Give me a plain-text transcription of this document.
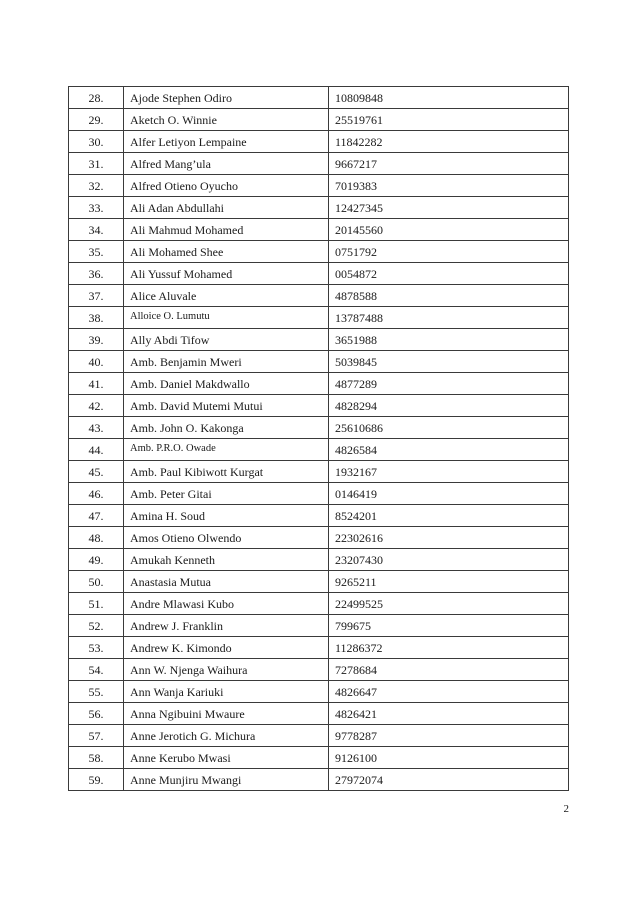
28.	Ajode Stephen Odiro	10809848
29.	Aketch O. Winnie	25519761
30.	Alfer Letiyon Lempaine	11842282
31.	Alfred Mang’ula	9667217
32.	Alfred Otieno Oyucho	7019383
33.	Ali Adan Abdullahi	12427345
34.	Ali Mahmud Mohamed	20145560
35.	Ali Mohamed Shee	0751792
36.	Ali Yussuf Mohamed	0054872
37.	Alice Aluvale	4878588
38.	Alloice O. Lumutu	13787488
39.	Ally Abdi Tifow	3651988
40.	Amb. Benjamin Mweri	5039845
41.	Amb. Daniel Makdwallo	4877289
42.	Amb. David Mutemi Mutui	4828294
43.	Amb. John O. Kakonga	25610686
44.	Amb. P.R.O. Owade	4826584
45.	Amb. Paul Kibiwott Kurgat	1932167
46.	Amb. Peter Gitai	0146419
47.	Amina H. Soud	8524201
48.	Amos Otieno Olwendo	22302616
49.	Amukah Kenneth	23207430
50.	Anastasia Mutua	9265211
51.	Andre Mlawasi Kubo	22499525
52.	Andrew J. Franklin	799675
53.	Andrew K. Kimondo	11286372
54.	Ann W. Njenga Waihura	7278684
55.	Ann Wanja Kariuki	4826647
56.	Anna Ngibuini Mwaure	4826421
57.	Anne Jerotich G. Michura	9778287
58.	Anne Kerubo Mwasi	9126100
59.	Anne Munjiru Mwangi	27972074
2
